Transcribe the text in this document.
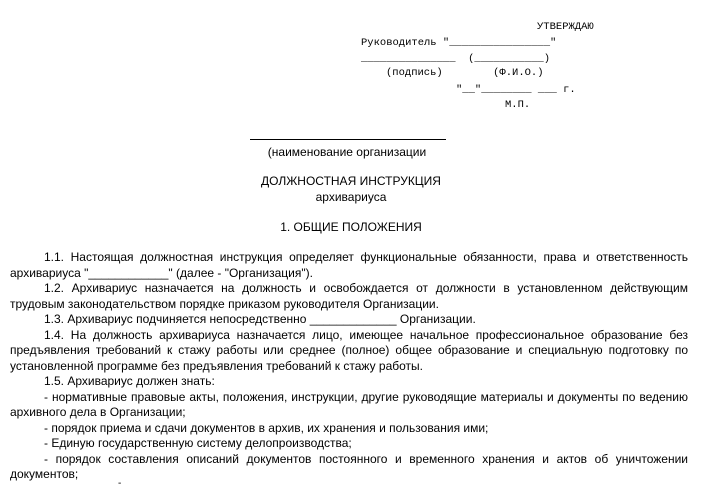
УТВЕРЖДАЮ
Руководитель "________________"
_______________  (___________)
(подпись)        (Ф.И.О.)
"__"________ ___ г.
М.П.
(наименование организации
ДОЛЖНОСТНАЯ ИНСТРУКЦИЯ
архивариуса
1. ОБЩИЕ ПОЛОЖЕНИЯ

1.1. Настоящая должностная инструкция определяет функциональные обязанности, права и ответственность архивариуса "____________" (далее - "Организация").

1.2. Архивариус назначается на должность и освобождается от должности в установленном действующим трудовым законодательством порядке приказом руководителя Организации.

1.3. Архивариус подчиняется непосредственно _____________ Организации.

1.4. На должность архивариуса назначается лицо, имеющее начальное профессиональное образование без предъявления требований к стажу работы или среднее (полное) общее образование и специальную подготовку по установленной программе без предъявления требований к стажу работы.

1.5. Архивариус должен знать:

- нормативные правовые акты, положения, инструкции, другие руководящие материалы и документы по ведению архивного дела в Организации;

- порядок приема и сдачи документов в архив, их хранения и пользования ими;

- Единую государственную систему делопроизводства;

- порядок составления описаний документов постоянного и временного хранения и актов об уничтожении документов;

-
